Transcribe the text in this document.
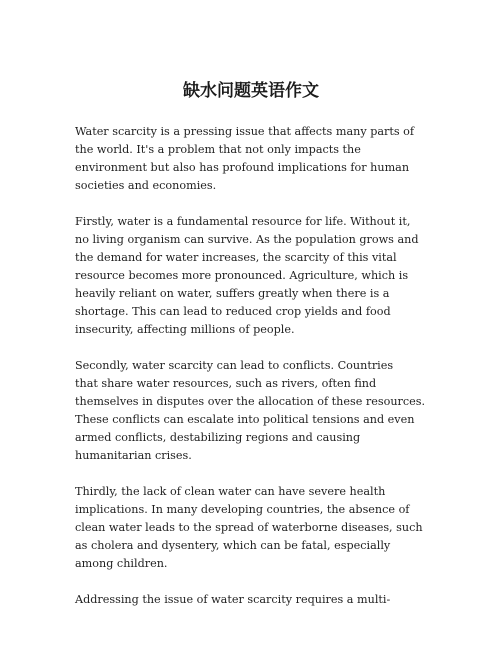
缺水问题英语作文

Water scarcity is a pressing issue that affects many parts of
the world. It's a problem that not only impacts the
environment but also has profound implications for human
societies and economies.

Firstly, water is a fundamental resource for life. Without it,
no living organism can survive. As the population grows and
the demand for water increases, the scarcity of this vital
resource becomes more pronounced. Agriculture, which is
heavily reliant on water, suffers greatly when there is a
shortage. This can lead to reduced crop yields and food
insecurity, affecting millions of people.

Secondly, water scarcity can lead to conflicts. Countries
that share water resources, such as rivers, often find
themselves in disputes over the allocation of these resources.
These conflicts can escalate into political tensions and even
armed conflicts, destabilizing regions and causing
humanitarian crises.

Thirdly, the lack of clean water can have severe health
implications. In many developing countries, the absence of
clean water leads to the spread of waterborne diseases, such
as cholera and dysentery, which can be fatal, especially
among children.

Addressing the issue of water scarcity requires a multi-
